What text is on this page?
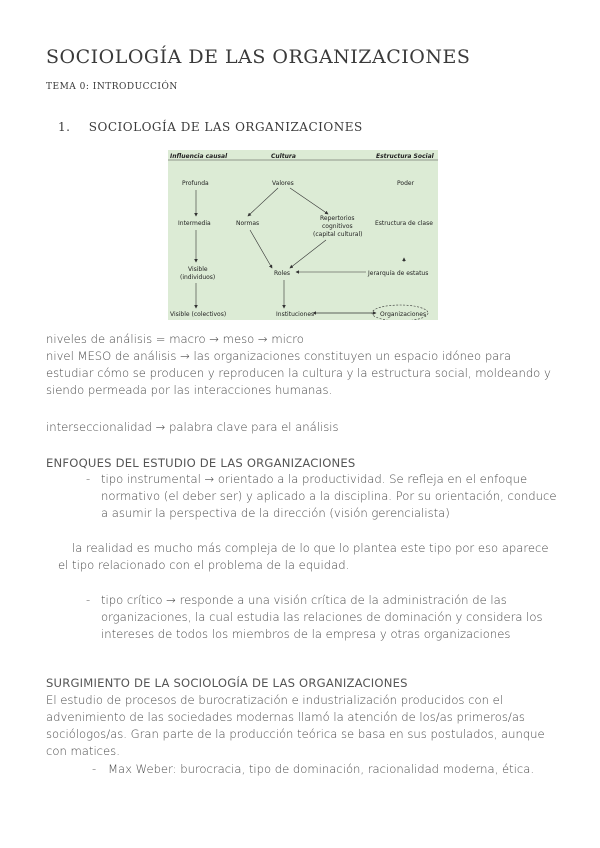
SOCIOLOGÍA DE LAS ORGANIZACIONES
TEMA 0: INTRODUCCIÓN
1. SOCIOLOGÍA DE LAS ORGANIZACIONES
Influencia causal	Cultura	Estructura Social
Profunda	Valores	Poder
Intermedia	Normas
Repertorios
cognitivos
(capital cultural)
Estructura de clase
Visible
(individuos)
Roles	Jerarquía de estatus
Visible (colectivos)	Instituciones	Organizaciones
niveles de análisis = macro → meso → micro
nivel MESO de análisis → las organizaciones constituyen un espacio idóneo para
estudiar cómo se producen y reproducen la cultura y la estructura social, moldeando y
siendo permeada por las interacciones humanas.
interseccionalidad → palabra clave para el análisis
ENFOQUES DEL ESTUDIO DE LAS ORGANIZACIONES
- tipo instrumental → orientado a la productividad. Se refleja en el enfoque
normativo (el deber ser) y aplicado a la disciplina. Por su orientación, conduce
a asumir la perspectiva de la dirección (visión gerencialista)
la realidad es mucho más compleja de lo que lo plantea este tipo por eso aparece
el tipo relacionado con el problema de la equidad.
- tipo crítico → responde a una visión crítica de la administración de las
organizaciones, la cual estudia las relaciones de dominación y considera los
intereses de todos los miembros de la empresa y otras organizaciones
SURGIMIENTO DE LA SOCIOLOGÍA DE LAS ORGANIZACIONES
El estudio de procesos de burocratización e industrialización producidos con el
advenimiento de las sociedades modernas llamó la atención de los/as primeros/as
sociólogos/as. Gran parte de la producción teórica se basa en sus postulados, aunque
con matices.
- Max Weber: burocracia, tipo de dominación, racionalidad moderna, ética.
